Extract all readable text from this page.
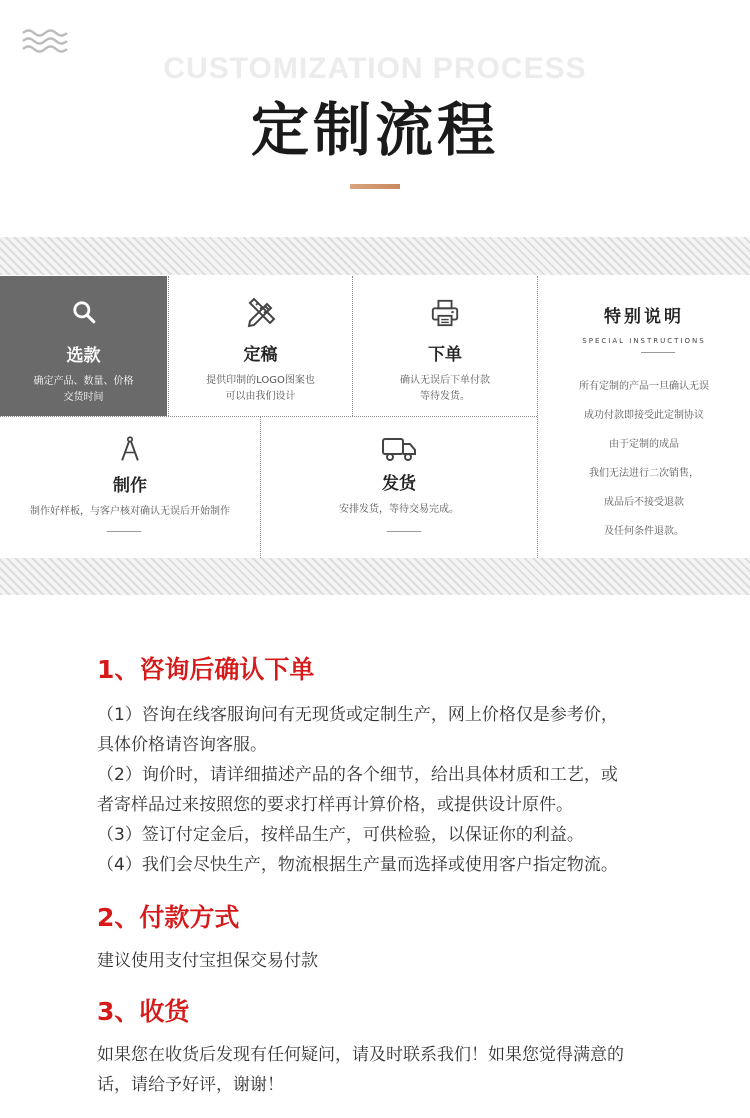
CUSTOMIZATION PROCESS
定制流程
选款
确定产品、数量、价格
交货时间
定稿
提供印制的LOGO图案也
可以由我们设计
下单
确认无误后下单付款
等待发货。
制作
制作好样板，与客户核对确认无误后开始制作
发货
安排发货，等待交易完成。
特别说明
SPECIAL INSTRUCTIONS
所有定制的产品一旦确认无误
成功付款即接受此定制协议
由于定制的成品
我们无法进行二次销售，
成品后不接受退款
及任何条件退款。
1、咨询后确认下单
（1）咨询在线客服询问有无现货或定制生产，网上价格仅是参考价，
具体价格请咨询客服。
（2）询价时，请详细描述产品的各个细节，给出具体材质和工艺，或
者寄样品过来按照您的要求打样再计算价格，或提供设计原件。
（3）签订付定金后，按样品生产，可供检验，以保证你的利益。
（4）我们会尽快生产，物流根据生产量而选择或使用客户指定物流。
2、付款方式
建议使用支付宝担保交易付款
3、收货
如果您在收货后发现有任何疑问，请及时联系我们！如果您觉得满意的
话，请给予好评，谢谢！
